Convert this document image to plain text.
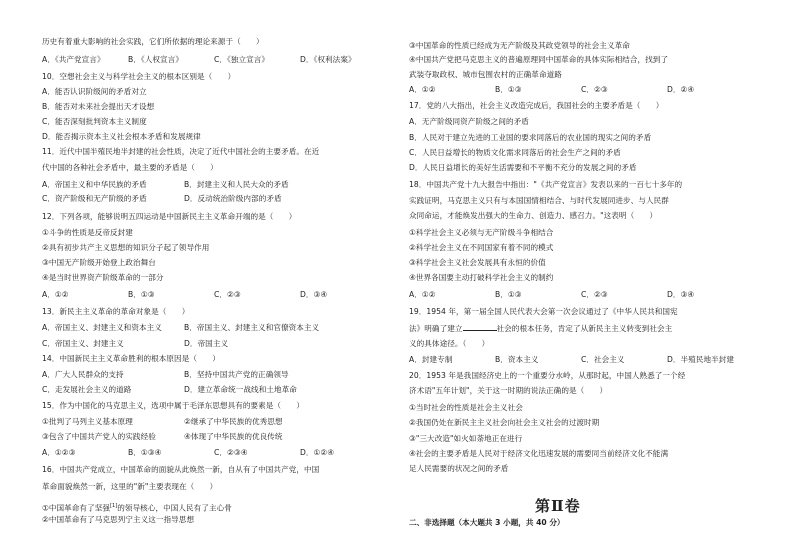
历史有着重大影响的社会实践，它们所依据的理论来源于（　　）
A．《共产党宣言》	B．《人权宣言》	C．《独立宣言》	D．《权利法案》
10．空想社会主义与科学社会主义的根本区别是（　　）
A．能否认识阶级间的矛盾对立
B．能否对未来社会提出天才设想
C．能否深刻批判资本主义制度
D．能否揭示资本主义社会根本矛盾和发展规律
11．近代中国半殖民地半封建的社会性质，决定了近代中国社会的主要矛盾。在近
代中国的各种社会矛盾中，最主要的矛盾是（　　）
A．帝国主义和中华民族的矛盾	B．封建主义和人民大众的矛盾
C．资产阶级和无产阶级的矛盾	D．反动统治阶级内部的矛盾
12．下列各项，能够说明五四运动是中国新民主主义革命开端的是（　　）
①斗争的性质是反帝反封建
②具有初步共产主义思想的知识分子起了领导作用
③中国无产阶级开始登上政治舞台
④是当时世界资产阶级革命的一部分
A．①②	B．①③	C．②③	D．③④
13．新民主主义革命的革命对象是（　　）
A．帝国主义、封建主义和资本主义	B．帝国主义、封建主义和官僚资本主义
C．帝国主义、封建主义	D．帝国主义
14．中国新民主主义革命胜利的根本原因是（　　）
A．广大人民群众的支持	B．坚持中国共产党的正确领导
C．走发展社会主义的道路	D．建立革命统一战线和土地革命
15．作为中国化的马克思主义，选项中属于毛泽东思想具有的要素是（　　）
①批判了马列主义基本原理	②继承了中华民族的优秀思想
③包含了中国共产党人的实践经验	④体现了中华民族的优良传统
A．①②③	B．①③④	C．②③④	D．①②④
16．中国共产党成立，中国革命的面貌从此焕然一新，自从有了中国共产党，中国
革命面貌焕然一新，这里的"新"主要表现在（　　）
①中国革命有了坚强[1]的领导核心，中国人民有了主心骨
②中国革命有了马克思列宁主义这一指导思想
③中国革命的性质已经成为无产阶级及其政党领导的社会主义革命
④中国共产党把马克思主义的普遍原理同中国革命的具体实际相结合，找到了
武装夺取政权、城市包围农村的正确革命道路
A．①②	B．①③	C．②③	D．②④
17．党的八大指出，社会主义改造完成后，我国社会的主要矛盾是（　　）
A．无产阶级同资产阶级之间的矛盾
B．人民对于建立先进的工业国的要求同落后的农业国的现实之间的矛盾
C．人民日益增长的物质文化需求同落后的社会生产之间的矛盾
D．人民日益增长的美好生活需要和不平衡不充分的发展之间的矛盾
18．中国共产党十九大报告中指出："《共产党宣言》发表以来的一百七十多年的
实践证明，马克思主义只有与本国国情相结合、与时代发展同进步、与人民群
众同命运，才能焕发出强大的生命力、创造力、感召力。"这表明（　　）
①科学社会主义必须与无产阶级斗争相结合
②科学社会主义在不同国家有着不同的模式
③科学社会主义社会发展具有永恒的价值
④世界各国要主动打破科学社会主义的制约
A．①②	B．①③	C．②③	D．③④
19．1954 年，第一届全国人民代表大会第一次会议通过了《中华人民共和国宪
法》明确了建立	社会的根本任务，肯定了从新民主主义转变到社会主
义的具体途径。（　　）
A．封建专制	B．资本主义	C．社会主义	D．半殖民地半封建
20．1953 年是我国经济史上的一个重要分水岭，从那时起，中国人熟悉了一个经
济术语"五年计划"，关于这一时期的说法正确的是（　　）
①当时社会的性质是社会主义社会
②我国仍处在新民主主义社会向社会主义社会的过渡时期
③"三大改造"如火如荼地正在进行
④社会的主要矛盾是人民对于经济文化迅速发展的需要同当前经济文化不能满
足人民需要的状况之间的矛盾
第Ⅱ卷
二、非选择题（本大题共 3 小题，共 40 分）
